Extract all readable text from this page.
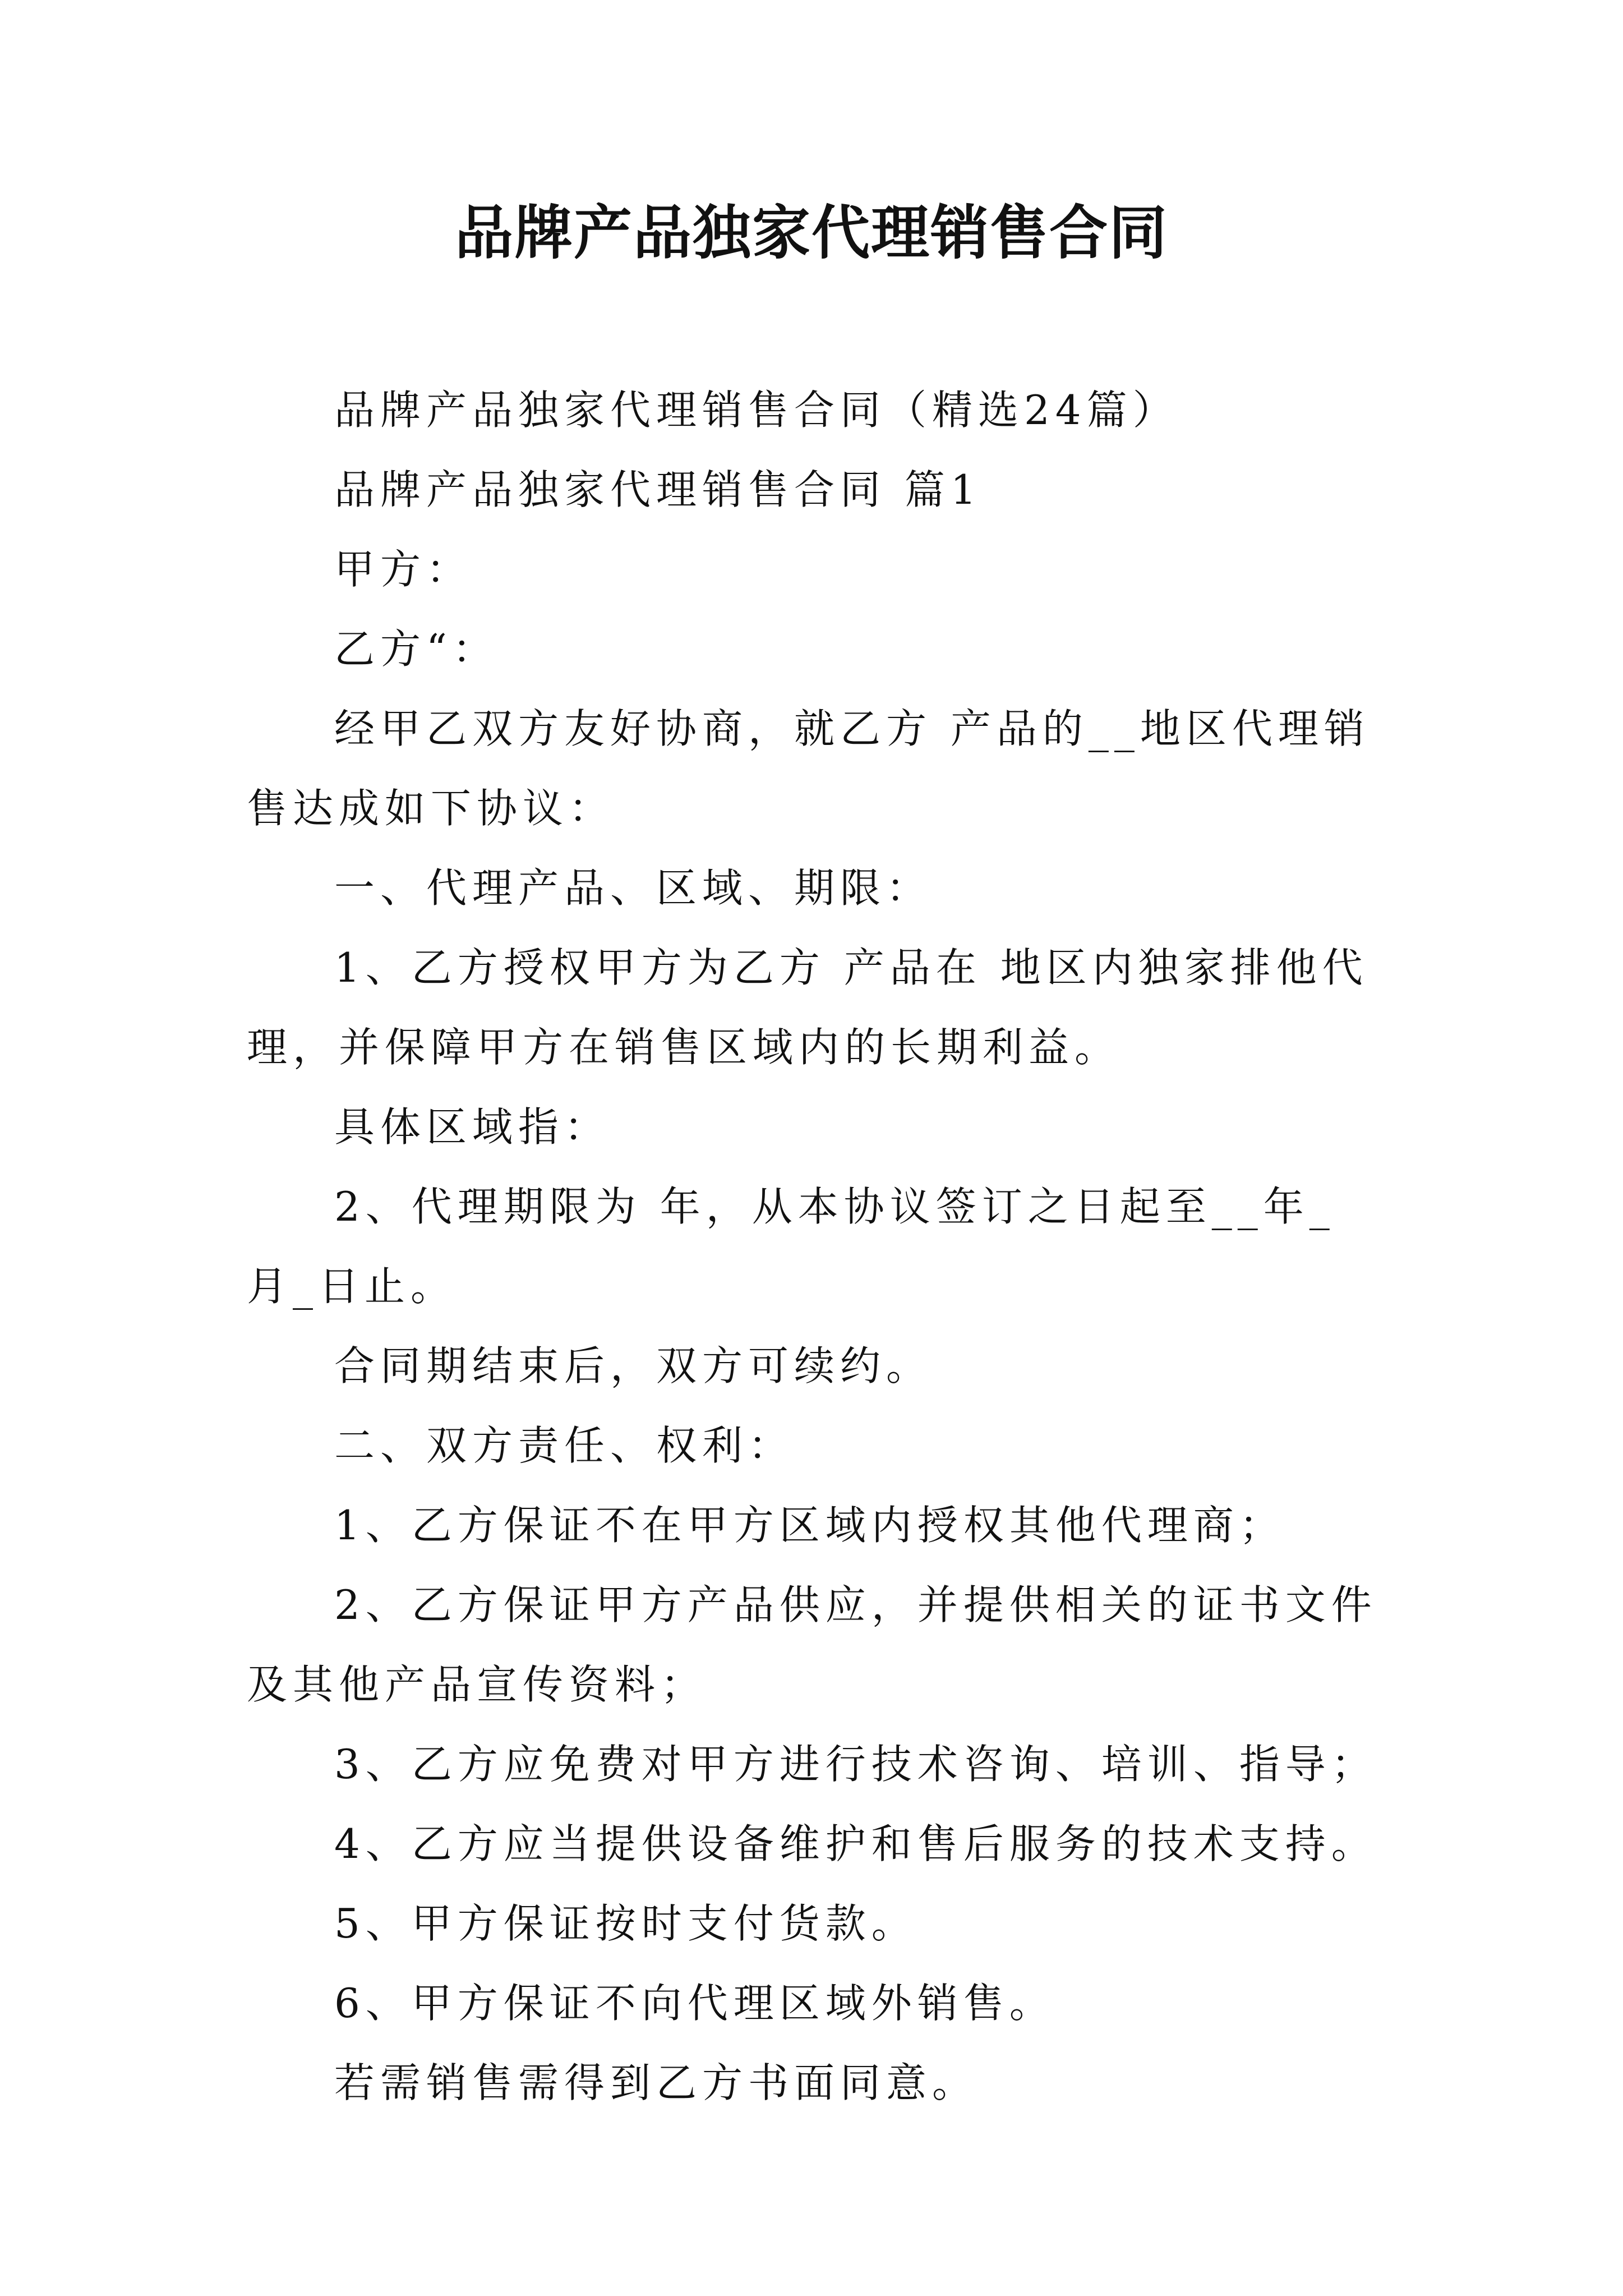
品牌产品独家代理销售合同

品牌产品独家代理销售合同（精选24篇）

品牌产品独家代理销售合同 篇1

甲方：

乙方“：

经甲乙双方友好协商，就乙方 产品的__地区代理销售达成如下协议：

一、代理产品、区域、期限：

1、乙方授权甲方为乙方 产品在 地区内独家排他代理，并保障甲方在销售区域内的长期利益。

具体区域指：

2、代理期限为 年，从本协议签订之日起至__年_月_日止。

合同期结束后，双方可续约。

二、双方责任、权利：

1、乙方保证不在甲方区域内授权其他代理商；

2、乙方保证甲方产品供应，并提供相关的证书文件及其他产品宣传资料；

3、乙方应免费对甲方进行技术咨询、培训、指导；

4、乙方应当提供设备维护和售后服务的技术支持。

5、甲方保证按时支付货款。

6、甲方保证不向代理区域外销售。

若需销售需得到乙方书面同意。
